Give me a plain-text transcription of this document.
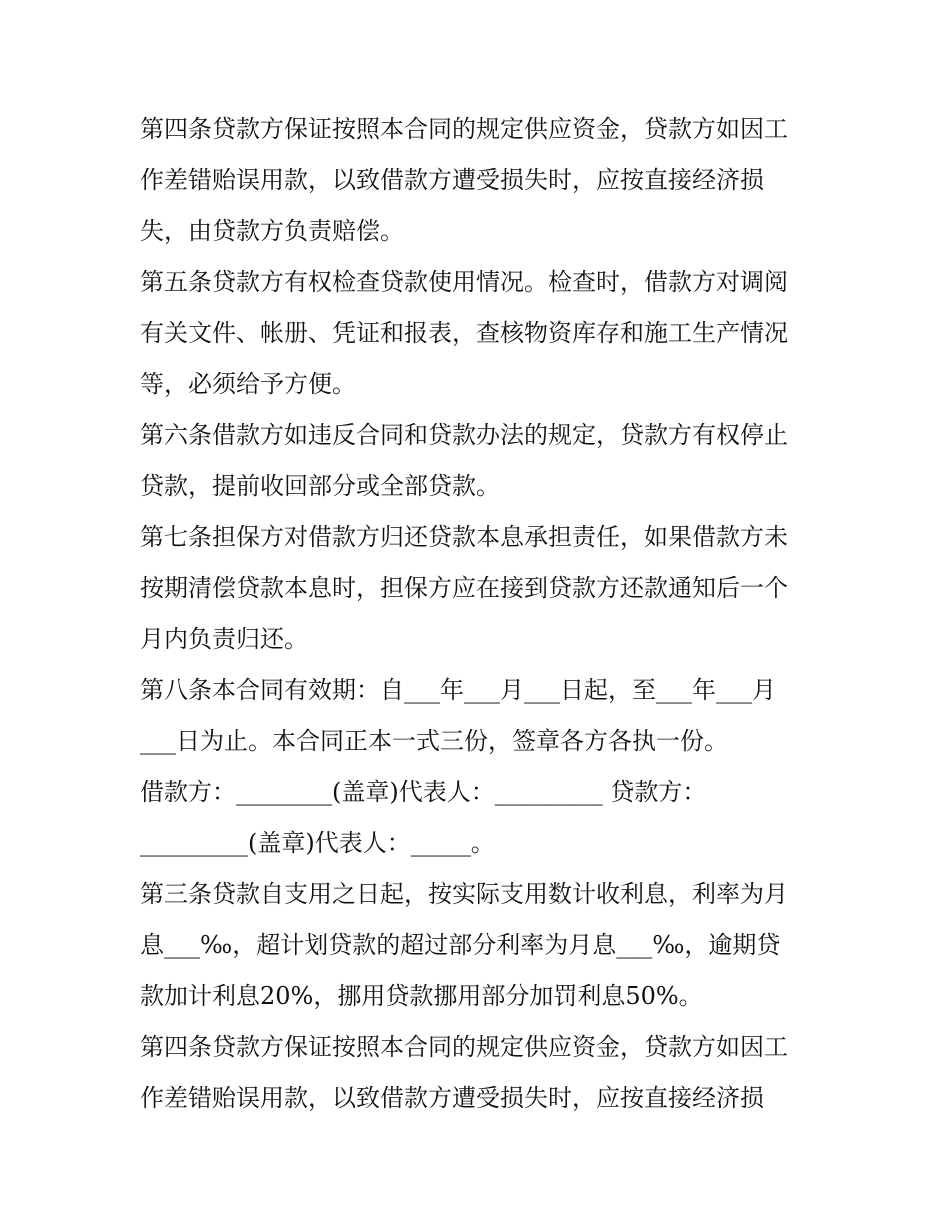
第四条贷款方保证按照本合同的规定供应资金，贷款方如因工
作差错贻误用款，以致借款方遭受损失时，应按直接经济损
失，由贷款方负责赔偿。
第五条贷款方有权检查贷款使用情况。检查时，借款方对调阅
有关文件、帐册、凭证和报表，查核物资库存和施工生产情况
等，必须给予方便。
第六条借款方如违反合同和贷款办法的规定，贷款方有权停止
贷款，提前收回部分或全部贷款。
第七条担保方对借款方归还贷款本息承担责任，如果借款方未
按期清偿贷款本息时，担保方应在接到贷款方还款通知后一个
月内负责归还。
第八条本合同有效期：自___年___月___日起，至___年___月
___日为止。本合同正本一式三份，签章各方各执一份。
借款方：________(盖章)代表人：_________ 贷款方：
_________(盖章)代表人：_____。
第三条贷款自支用之日起，按实际支用数计收利息，利率为月
息___‰，超计划贷款的超过部分利率为月息___‰，逾期贷
款加计利息20%，挪用贷款挪用部分加罚利息50%。
第四条贷款方保证按照本合同的规定供应资金，贷款方如因工
作差错贻误用款，以致借款方遭受损失时，应按直接经济损
